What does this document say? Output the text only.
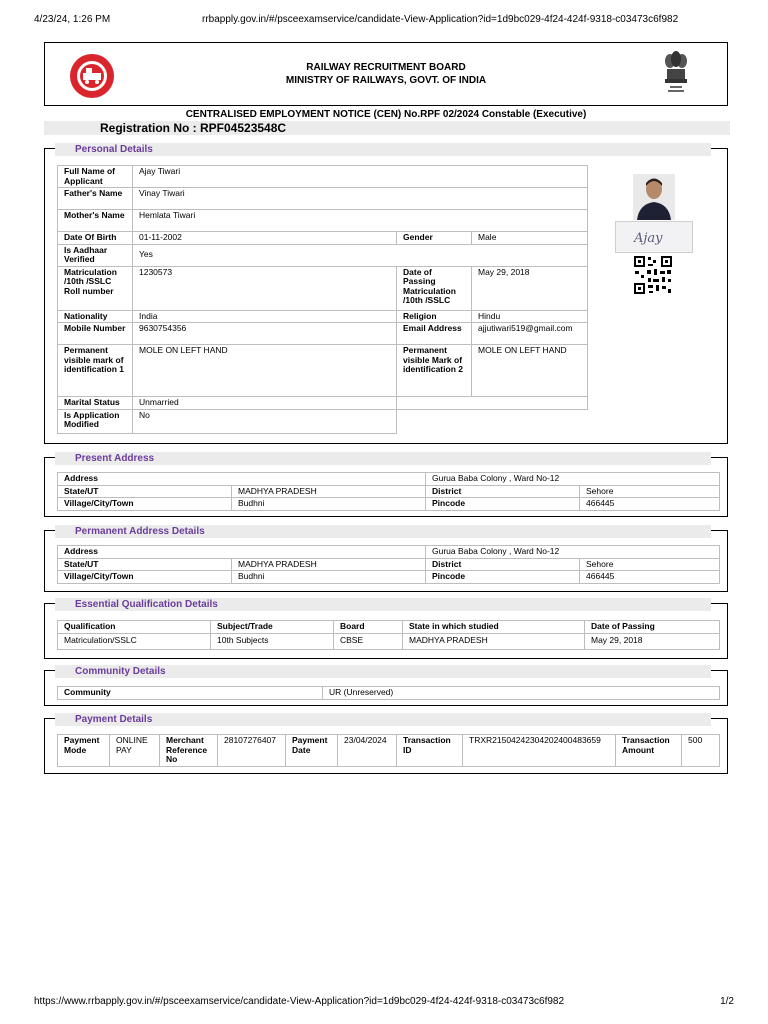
4/23/24, 1:26 PM	rrbapply.gov.in/#/psceexamservice/candidate-View-Application?id=1d9bc029-4f24-424f-9318-c03473c6f982
RAILWAY RECRUITMENT BOARD
MINISTRY OF RAILWAYS, GOVT. OF INDIA
CENTRALISED EMPLOYMENT NOTICE (CEN) No.RPF 02/2024 Constable (Executive)
Registration No : RPF04523548C
Personal Details
Full Name of Applicant	Ajay Tiwari		
Father's Name	Vinay Tiwari		
Mother's Name	Hemlata Tiwari		
Date Of Birth	01-11-2002	Gender	Male
Is Aadhaar Verified	Yes		
Matriculation /10th /SSLC Roll number	1230573	Date of Passing Matriculation /10th /SSLC	May 29, 2018
Nationality	India	Religion	Hindu
Mobile Number	9630754356	Email Address	ajjutiwari519@gmail.com
Permanent visible mark of identification 1	MOLE ON LEFT HAND	Permanent visible Mark of identification 2	MOLE ON LEFT HAND
Marital Status	Unmarried		
Is Application Modified	No		
Ajay
Present Address
Address		Gurua Baba Colony , Ward No-12	
State/UT	MADHYA PRADESH	District	Sehore
Village/City/Town	Budhni	Pincode	466445
Permanent Address Details
Address		Gurua Baba Colony , Ward No-12	
State/UT	MADHYA PRADESH	District	Sehore
Village/City/Town	Budhni	Pincode	466445
Essential Qualification Details
Qualification	Subject/Trade	Board	State in which studied	Date of Passing
Matriculation/SSLC	10th Subjects	CBSE	MADHYA PRADESH	May 29, 2018
Community Details
Community	UR (Unreserved)
Payment Details
Payment Mode	ONLINE PAY	Merchant Reference No	28107276407	Payment Date	23/04/2024	Transaction ID	TRXR21504242304202400483659	Transaction Amount	500
https://www.rrbapply.gov.in/#/psceexamservice/candidate-View-Application?id=1d9bc029-4f24-424f-9318-c03473c6f982	1/2
